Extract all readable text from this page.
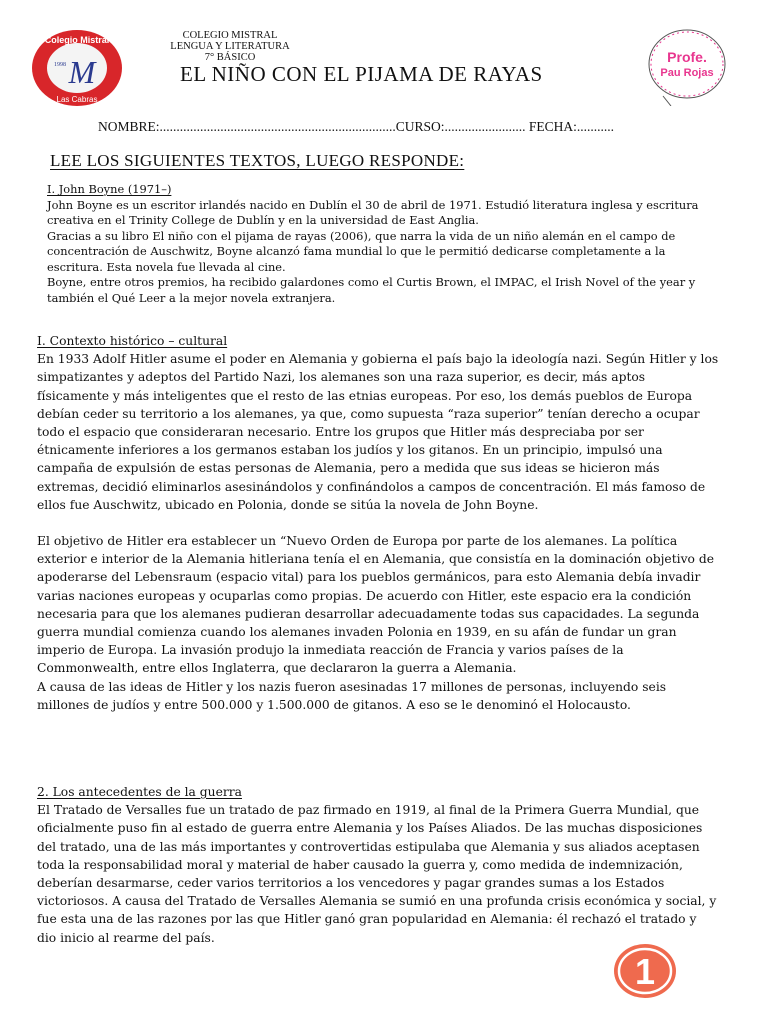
Colegio Mistral
1998 M
Las Cabras
COLEGIO MISTRAL
LENGUA Y LITERATURA
7° BÁSICO
EL NIÑO CON EL PIJAMA DE RAYAS
Profe.
Pau Rojas
NOMBRE:......................................................................CURSO:........................ FECHA:...........
LEE LOS SIGUIENTES TEXTOS, LUEGO RESPONDE:
I. John Boyne (1971–)

John Boyne es un escritor irlandés nacido en Dublín el 30 de abril de 1971. Estudió literatura inglesa y escritura creativa en el Trinity College de Dublín y en la universidad de East Anglia.

Gracias a su libro El niño con el pijama de rayas (2006), que narra la vida de un niño alemán en el campo de concentración de Auschwitz, Boyne alcanzó fama mundial lo que le permitió dedicarse completamente a la escritura. Esta novela fue llevada al cine.

Boyne, entre otros premios, ha recibido galardones como el Curtis Brown, el IMPAC, el Irish Novel of the year y también el Qué Leer a la mejor novela extranjera.

I. Contexto histórico – cultural

En 1933 Adolf Hitler asume el poder en Alemania y gobierna el país bajo la ideología nazi. Según Hitler y los simpatizantes y adeptos del Partido Nazi, los alemanes son una raza superior, es decir, más aptos físicamente y más inteligentes que el resto de las etnias europeas. Por eso, los demás pueblos de Europa debían ceder su territorio a los alemanes, ya que, como supuesta “raza superior” tenían derecho a ocupar todo el espacio que consideraran necesario. Entre los grupos que Hitler más despreciaba por ser étnicamente inferiores a los germanos estaban los judíos y los gitanos. En un principio, impulsó una campaña de expulsión de estas personas de Alemania, pero a medida que sus ideas se hicieron más extremas, decidió eliminarlos asesinándolos y confinándolos a campos de concentración. El más famoso de ellos fue Auschwitz, ubicado en Polonia, donde se sitúa la novela de John Boyne.

El objetivo de Hitler era establecer un “Nuevo Orden de Europa por parte de los alemanes. La política exterior e interior de la Alemania hitleriana tenía el en Alemania, que consistía en la dominación objetivo de apoderarse del Lebensraum (espacio vital) para los pueblos germánicos, para esto Alemania debía invadir varias naciones europeas y ocuparlas como propias. De acuerdo con Hitler, este espacio era la condición necesaria para que los alemanes pudieran desarrollar adecuadamente todas sus capacidades. La segunda guerra mundial comienza cuando los alemanes invaden Polonia en 1939, en su afán de fundar un gran imperio de Europa. La invasión produjo la inmediata reacción de Francia y varios países de la Commonwealth, entre ellos Inglaterra, que declararon la guerra a Alemania.

A causa de las ideas de Hitler y los nazis fueron asesinadas 17 millones de personas, incluyendo seis millones de judíos y entre 500.000 y 1.500.000 de gitanos. A eso se le denominó el Holocausto.

2. Los antecedentes de la guerra

El Tratado de Versalles fue un tratado de paz firmado en 1919, al final de la Primera Guerra Mundial, que oficialmente puso fin al estado de guerra entre Alemania y los Países Aliados. De las muchas disposiciones del tratado, una de las más importantes y controvertidas estipulaba que Alemania y sus aliados aceptasen toda la responsabilidad moral y material de haber causado la guerra y, como medida de indemnización, deberían desarmarse, ceder varios territorios a los vencedores y pagar grandes sumas a los Estados victoriosos. A causa del Tratado de Versalles Alemania se sumió en una profunda crisis económica y social, y fue esta una de las razones por las que Hitler ganó gran popularidad en Alemania: él rechazó el tratado y dio inicio al rearme del país.

1
